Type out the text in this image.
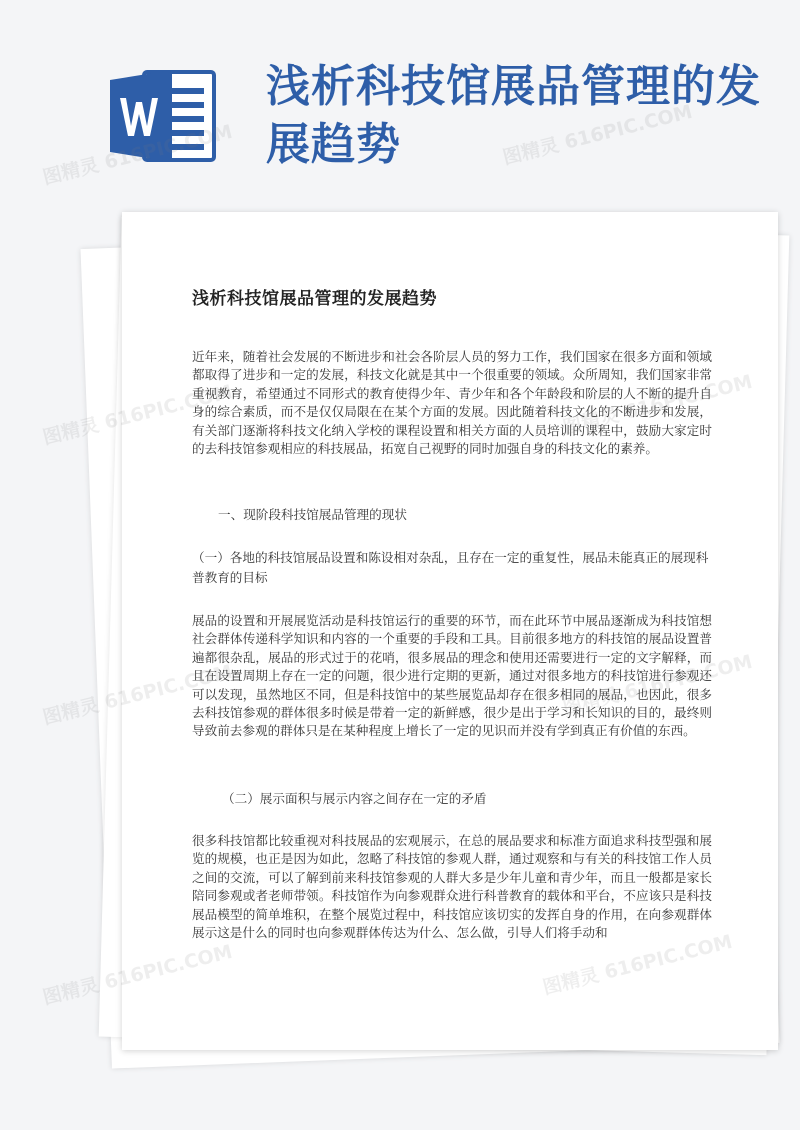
浅析科技馆展品管理的发展趋势
浅析科技馆展品管理的发展趋势

近年来，随着社会发展的不断进步和社会各阶层人员的努力工作，我们国家在很多方面和领域都取得了进步和一定的发展，科技文化就是其中一个很重要的领域。众所周知，我们国家非常重视教育，希望通过不同形式的教育使得少年、青少年和各个年龄段和阶层的人不断的提升自身的综合素质，而不是仅仅局限在在某个方面的发展。因此随着科技文化的不断进步和发展，有关部门逐渐将科技文化纳入学校的课程设置和相关方面的人员培训的课程中，鼓励大家定时的去科技馆参观相应的科技展品，拓宽自己视野的同时加强自身的科技文化的素养。

一、现阶段科技馆展品管理的现状

（一）各地的科技馆展品设置和陈设相对杂乱，且存在一定的重复性，展品未能真正的展现科普教育的目标

展品的设置和开展展览活动是科技馆运行的重要的环节，而在此环节中展品逐渐成为科技馆想社会群体传递科学知识和内容的一个重要的手段和工具。目前很多地方的科技馆的展品设置普遍都很杂乱，展品的形式过于的花哨，很多展品的理念和使用还需要进行一定的文字解释，而且在设置周期上存在一定的问题，很少进行定期的更新，通过对很多地方的科技馆进行参观还可以发现，虽然地区不同，但是科技馆中的某些展览品却存在很多相同的展品，也因此，很多去科技馆参观的群体很多时候是带着一定的新鲜感，很少是出于学习和长知识的目的，最终则导致前去参观的群体只是在某种程度上增长了一定的见识而并没有学到真正有价值的东西。

（二）展示面积与展示内容之间存在一定的矛盾

很多科技馆都比较重视对科技展品的宏观展示，在总的展品要求和标准方面追求科技型强和展览的规模，也正是因为如此，忽略了科技馆的参观人群，通过观察和与有关的科技馆工作人员之间的交流，可以了解到前来科技馆参观的人群大多是少年儿童和青少年，而且一般都是家长陪同参观或者老师带领。科技馆作为向参观群众进行科普教育的载体和平台，不应该只是科技展品模型的简单堆积，在整个展览过程中，科技馆应该切实的发挥自身的作用，在向参观群体展示这是什么的同时也向参观群体传达为什么、怎么做，引导人们将手动和

图精灵
图精灵 616PIC.COM
图精灵
图精灵
图精灵
